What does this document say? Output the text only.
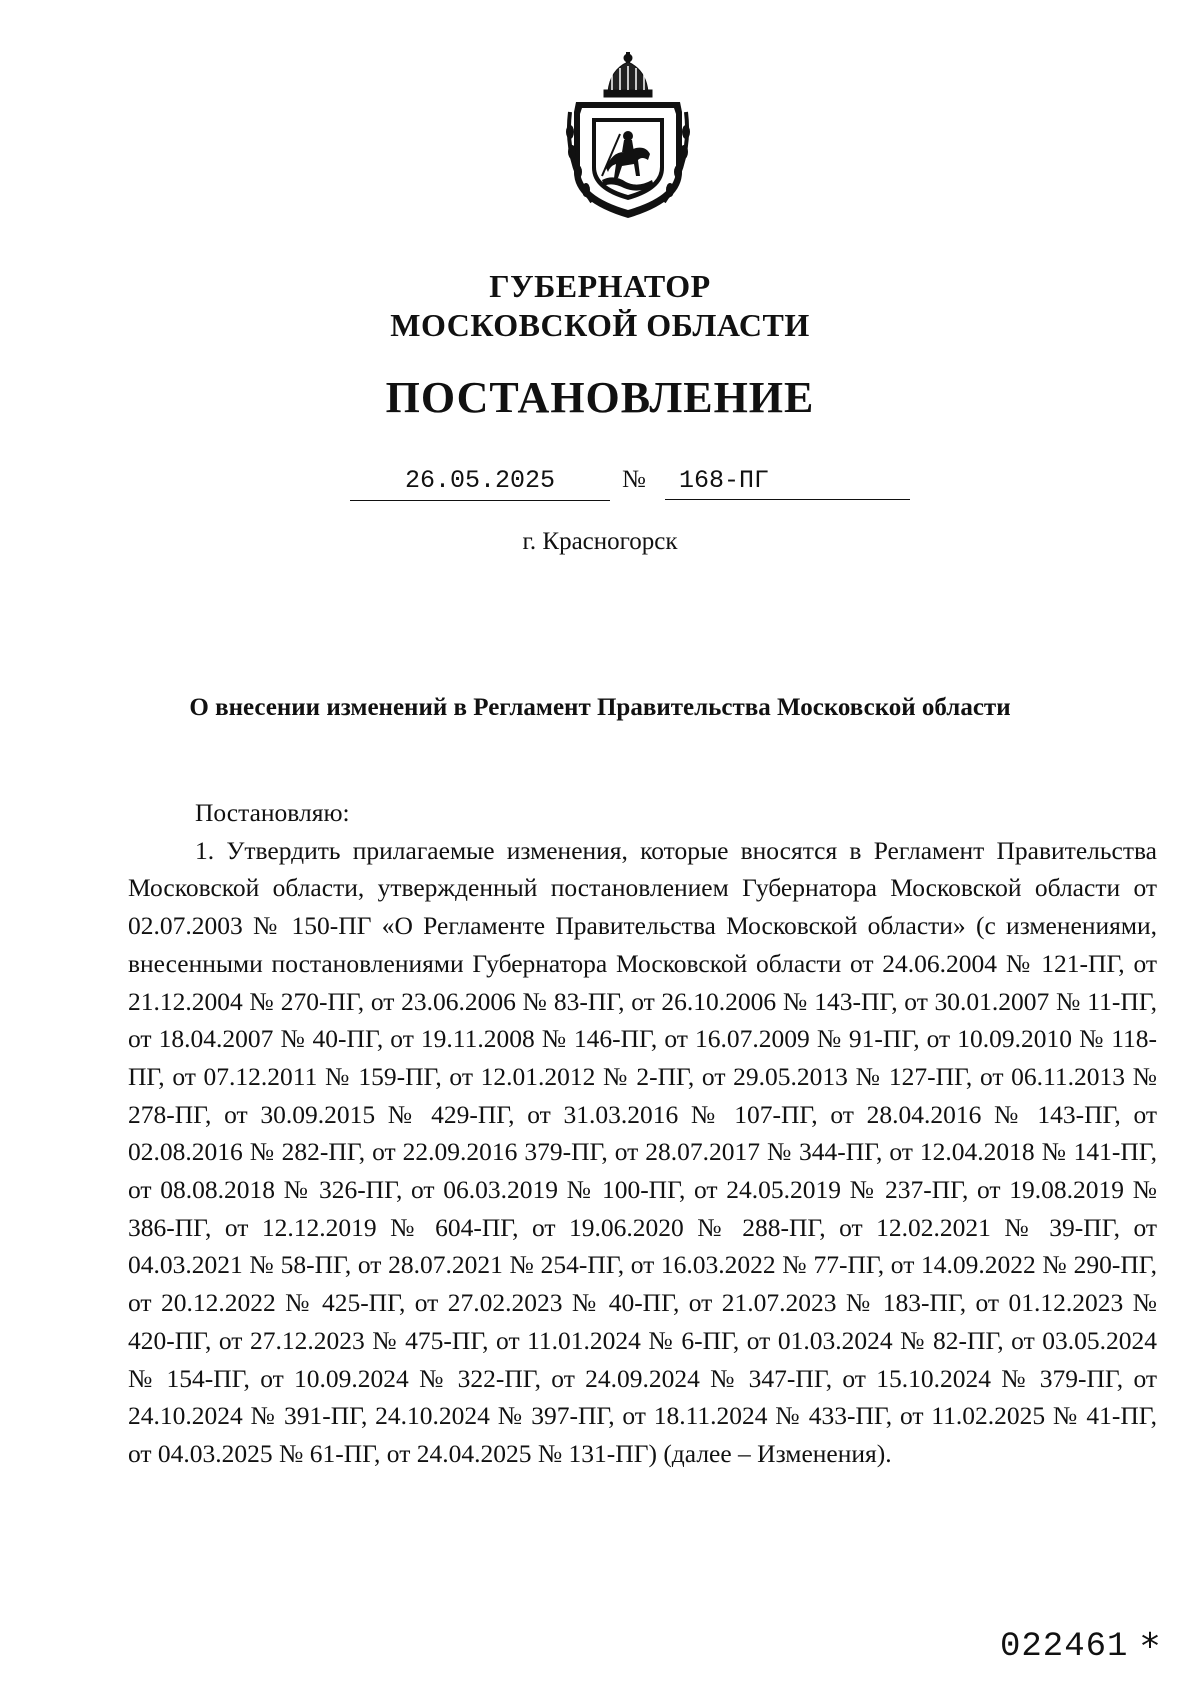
ГУБЕРНАТОР
МОСКОВСКОЙ ОБЛАСТИ
ПОСТАНОВЛЕНИЕ
26.05.2025	№	168-ПГ
г. Красногорск
О внесении изменений в Регламент Правительства Московской области

Постановляю:

1. Утвердить прилагаемые изменения, которые вносятся в Регламент Правительства Московской области, утвержденный постановлением Губернатора Московской области от 02.07.2003 № 150-ПГ «О Регламенте Правительства Московской области» (с изменениями, внесенными постановлениями Губернатора Московской области от 24.06.2004 № 121-ПГ, от 21.12.2004 № 270-ПГ, от 23.06.2006 № 83-ПГ, от 26.10.2006 № 143-ПГ, от 30.01.2007 № 11-ПГ, от 18.04.2007 № 40-ПГ, от 19.11.2008 № 146-ПГ, от 16.07.2009 № 91-ПГ, от 10.09.2010 № 118-ПГ, от 07.12.2011 № 159-ПГ, от 12.01.2012 № 2-ПГ, от 29.05.2013 № 127-ПГ, от 06.11.2013 № 278-ПГ, от 30.09.2015 № 429-ПГ, от 31.03.2016 № 107-ПГ, от 28.04.2016 № 143-ПГ, от 02.08.2016 № 282-ПГ, от 22.09.2016 379-ПГ, от 28.07.2017 № 344-ПГ, от 12.04.2018 № 141-ПГ, от 08.08.2018 № 326-ПГ, от 06.03.2019 № 100-ПГ, от 24.05.2019 № 237-ПГ, от 19.08.2019 № 386-ПГ, от 12.12.2019 № 604-ПГ, от 19.06.2020 № 288-ПГ, от 12.02.2021 № 39-ПГ, от 04.03.2021 № 58-ПГ, от 28.07.2021 № 254-ПГ, от 16.03.2022 № 77-ПГ, от 14.09.2022 № 290-ПГ, от 20.12.2022 № 425-ПГ, от 27.02.2023 № 40-ПГ, от 21.07.2023 № 183-ПГ, от 01.12.2023 № 420-ПГ, от 27.12.2023 № 475-ПГ, от 11.01.2024 № 6-ПГ, от 01.03.2024 № 82-ПГ, от 03.05.2024 № 154-ПГ, от 10.09.2024 № 322-ПГ, от 24.09.2024 № 347-ПГ, от 15.10.2024 № 379-ПГ, от 24.10.2024 № 391-ПГ, 24.10.2024 № 397-ПГ, от 18.11.2024 № 433-ПГ, от 11.02.2025 № 41-ПГ, от 04.03.2025 № 61-ПГ, от 24.04.2025 № 131-ПГ) (далее – Изменения).

022461 *
